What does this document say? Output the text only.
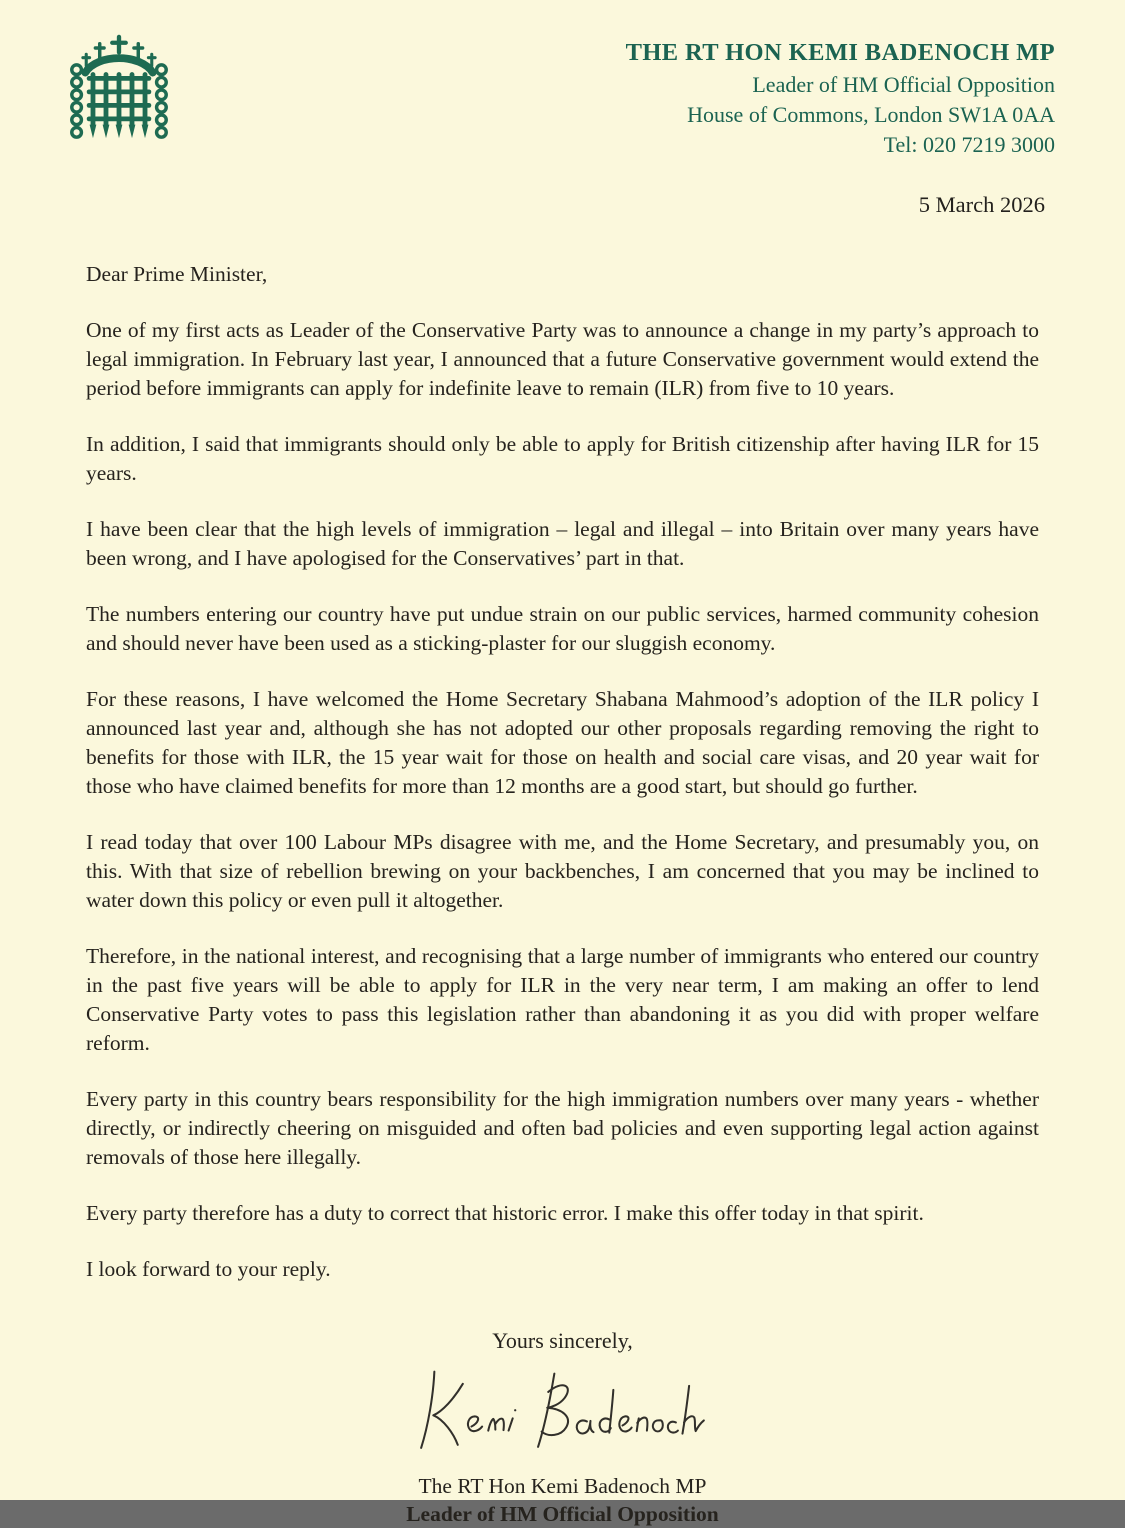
THE RT HON KEMI BADENOCH MP
Leader of HM Official Opposition
House of Commons, London SW1A 0AA
Tel: 020 7219 3000
5 March 2026
Dear Prime Minister,

One of my first acts as Leader of the Conservative Party was to announce a change in my party’s approach to legal immigration. In February last year, I announced that a future Conservative government would extend the period before immigrants can apply for indefinite leave to remain (ILR) from five to 10 years.

In addition, I said that immigrants should only be able to apply for British citizenship after having ILR for 15 years.

I have been clear that the high levels of immigration – legal and illegal – into Britain over many years have been wrong, and I have apologised for the Conservatives’ part in that.

The numbers entering our country have put undue strain on our public services, harmed community cohesion and should never have been used as a sticking-plaster for our sluggish economy.

For these reasons, I have welcomed the Home Secretary Shabana Mahmood’s adoption of the ILR policy I announced last year and, although she has not adopted our other proposals regarding removing the right to benefits for those with ILR, the 15 year wait for those on health and social care visas, and 20 year wait for those who have claimed benefits for more than 12 months are a good start, but should go further.

I read today that over 100 Labour MPs disagree with me, and the Home Secretary, and presumably you, on this. With that size of rebellion brewing on your backbenches, I am concerned that you may be inclined to water down this policy or even pull it altogether.

Therefore, in the national interest, and recognising that a large number of immigrants who entered our country in the past five years will be able to apply for ILR in the very near term, I am making an offer to lend Conservative Party votes to pass this legislation rather than abandoning it as you did with proper welfare reform.

Every party in this country bears responsibility for the high immigration numbers over many years - whether directly, or indirectly cheering on misguided and often bad policies and even supporting legal action against removals of those here illegally.

Every party therefore has a duty to correct that historic error. I make this offer today in that spirit.

I look forward to your reply.

Yours sincerely,
The RT Hon Kemi Badenoch MP
Leader of HM Official Opposition
